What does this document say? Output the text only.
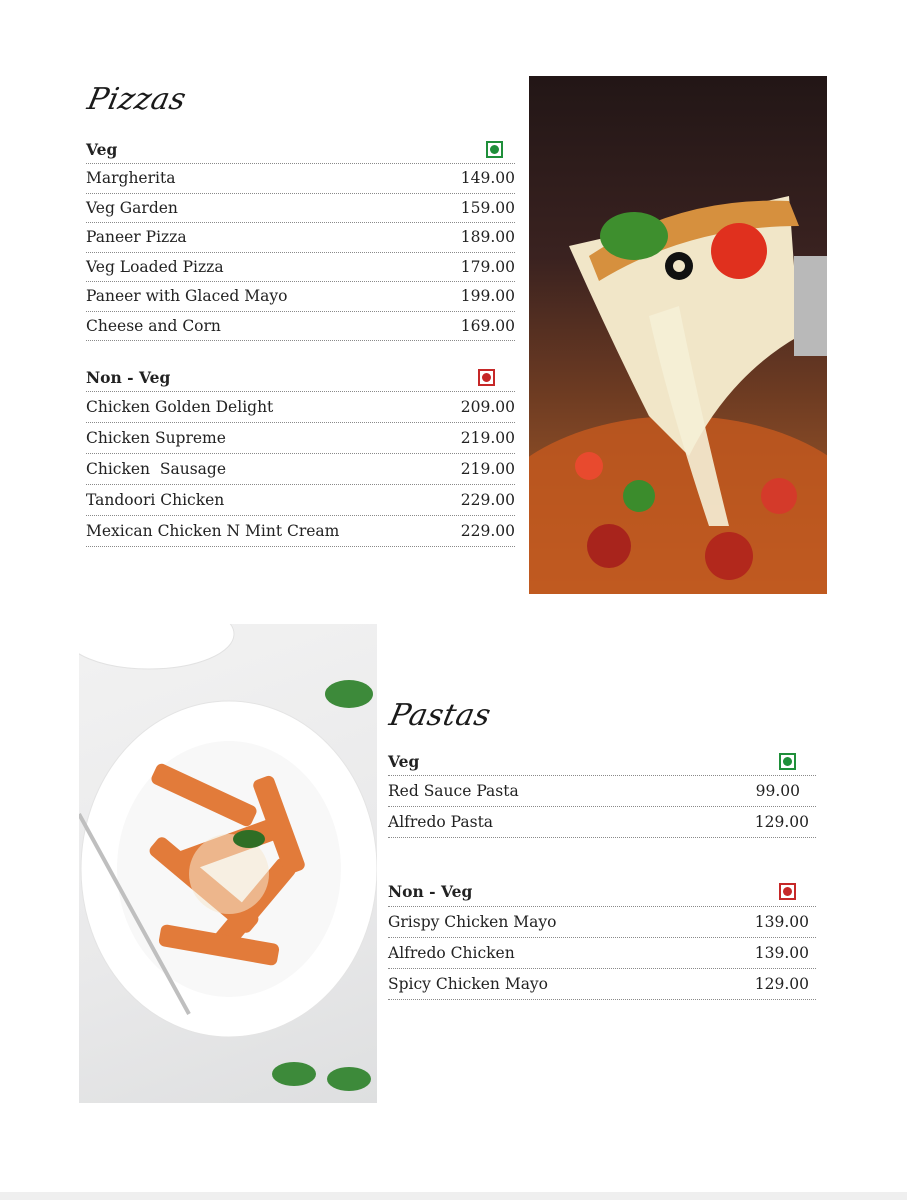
Pizzas
Veg
Margherita	149.00
Veg Garden	159.00
Paneer Pizza	189.00
Veg Loaded Pizza	179.00
Paneer with Glaced Mayo	199.00
Cheese and Corn	169.00
Non - Veg
Chicken Golden Delight	209.00
Chicken Supreme	219.00
Chicken  Sausage	219.00
Tandoori Chicken	229.00
Mexican Chicken N Mint Cream	229.00
Pastas
Veg
Red Sauce Pasta	99.00
Alfredo Pasta	129.00
Non - Veg
Grispy Chicken Mayo	139.00
Alfredo Chicken	139.00
Spicy Chicken Mayo	129.00
